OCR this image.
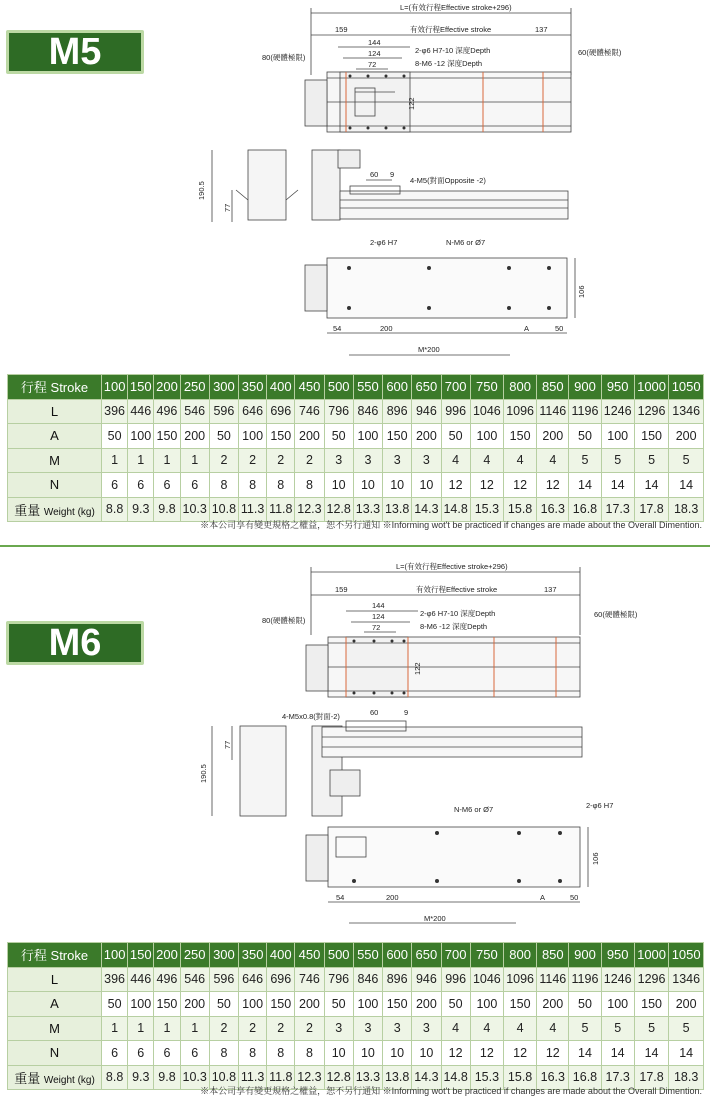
M5
L=(有效行程Effective stroke+296)
159	有效行程Effective stroke	137
144
124
72
2-φ6 H7-10 深度Depth
8-M6 -12 深度Depth
80(硬體極限)
60(硬體極限)
122
190.5
77
60 9
4-M5(對面Opposite -2)
2-φ6 H7	N-M6 or Ø7
106
54	200	A	50
M*200
行程 Stroke	100	150	200	250	300	350	400	450	500	550	600	650	700	750	800	850	900	950	1000	1050
L	396	446	496	546	596	646	696	746	796	846	896	946	996	1046	1096	1146	1196	1246	1296	1346
A	50	100	150	200	50	100	150	200	50	100	150	200	50	100	150	200	50	100	150	200
M	1	1	1	1	2	2	2	2	3	3	3	3	4	4	4	4	5	5	5	5
N	6	6	6	6	8	8	8	8	10	10	10	10	12	12	12	12	14	14	14	14
重量 Weight (kg)	8.8	9.3	9.8	10.3	10.8	11.3	11.8	12.3	12.8	13.3	13.8	14.3	14.8	15.3	15.8	16.3	16.8	17.3	17.8	18.3
※本公司享有變更規格之權益，恕不另行通知 ※Informing wot't be practiced if changes are made about the Overall Dimention.
M6
L=(有效行程Effective stroke+296)
159	有效行程Effective stroke	137
144
124
72
2-φ6 H7-10 深度Depth
8-M6 -12 深度Depth
80(硬體極限)
60(硬體極限)
122
190.5
77
60	9
4-M5x0.8(對面-2)
2-φ6 H7
N-M6 or Ø7
106
54	200	A	50
M*200
行程 Stroke	100	150	200	250	300	350	400	450	500	550	600	650	700	750	800	850	900	950	1000	1050
L	396	446	496	546	596	646	696	746	796	846	896	946	996	1046	1096	1146	1196	1246	1296	1346
A	50	100	150	200	50	100	150	200	50	100	150	200	50	100	150	200	50	100	150	200
M	1	1	1	1	2	2	2	2	3	3	3	3	4	4	4	4	5	5	5	5
N	6	6	6	6	8	8	8	8	10	10	10	10	12	12	12	12	14	14	14	14
重量 Weight (kg)	8.8	9.3	9.8	10.3	10.8	11.3	11.8	12.3	12.8	13.3	13.8	14.3	14.8	15.3	15.8	16.3	16.8	17.3	17.8	18.3
※本公司享有變更規格之權益，恕不另行通知 ※Informing wot't be practiced if changes are made about the Overall Dimention.
